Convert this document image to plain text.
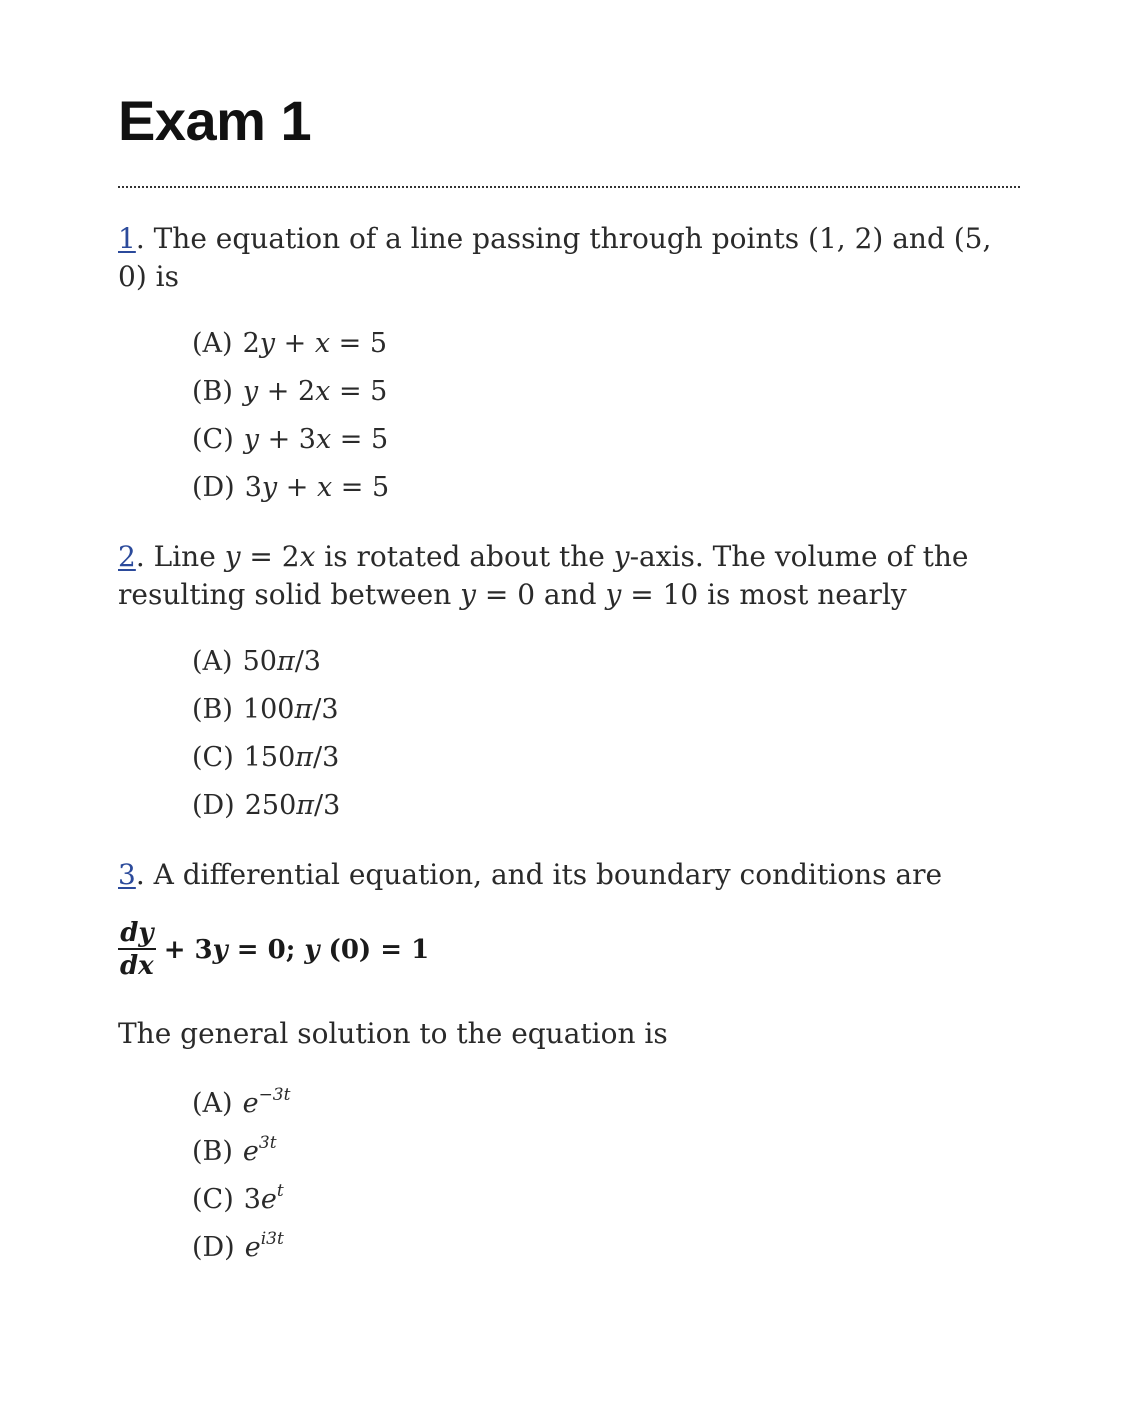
Exam 1

1. The equation of a line passing through points (1, 2) and (5, 0) is

(A) 2y + x = 5
(B) y + 2x = 5
(C) y + 3x = 5
(D) 3y + x = 5

2. Line y = 2x is rotated about the y-axis. The volume of the resulting solid between y = 0 and y = 10 is most nearly

(A) 50π/3
(B) 100π/3
(C) 150π/3
(D) 250π/3

3. A differential equation, and its boundary conditions are

$\frac{dy}{dx} + 3y = 0$; y (0) = 1

The general solution to the equation is

(A) $e^{-3t}$
(B) $e^{3t}$
(C) $3e^t$
(D) $e^{i3t}$
